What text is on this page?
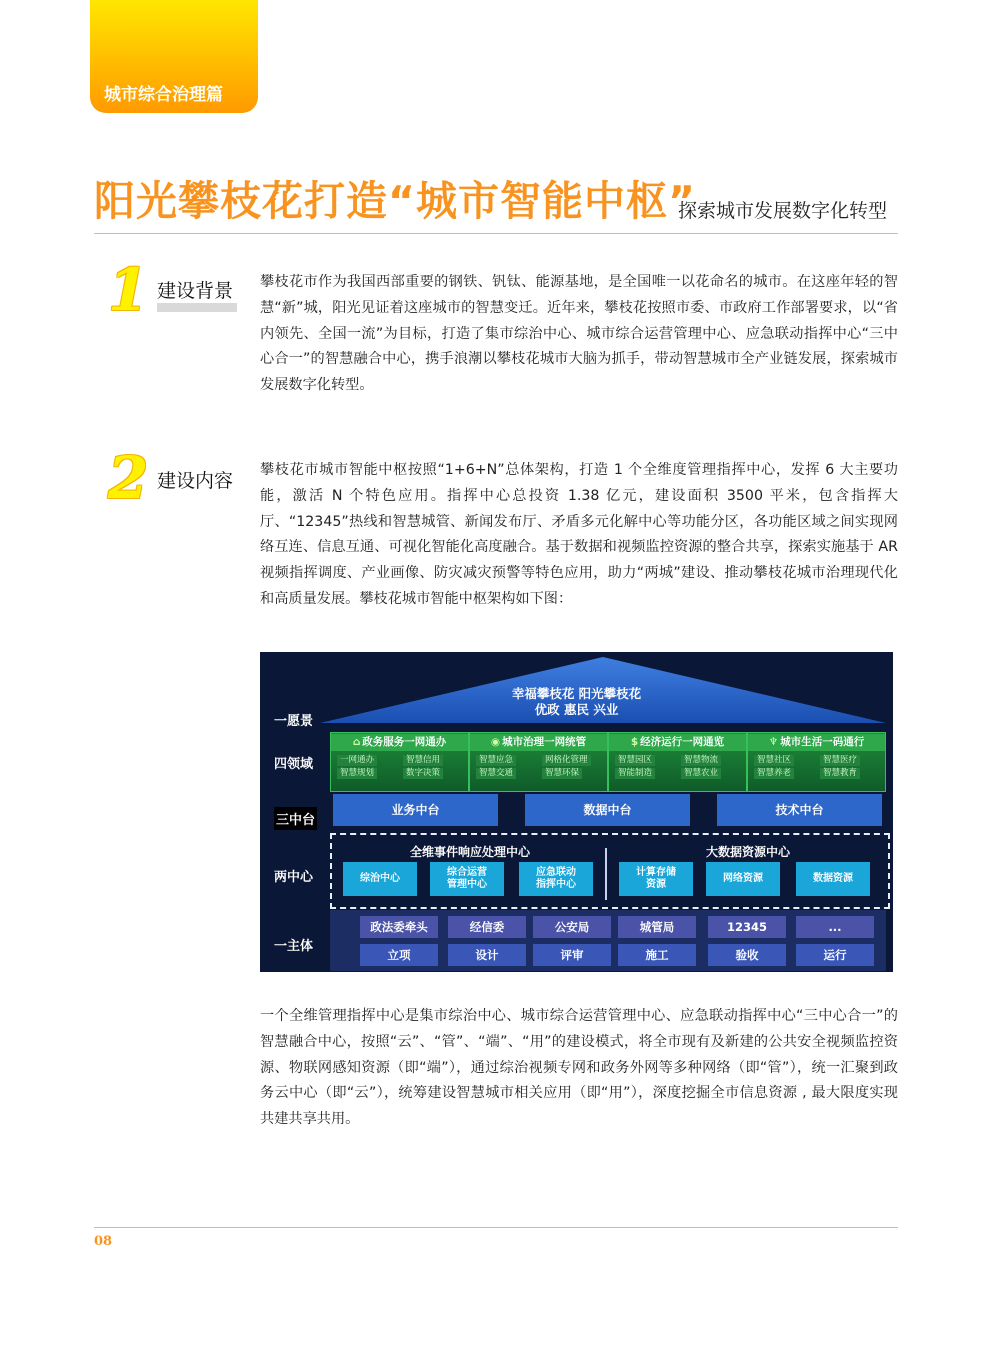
城市综合治理篇
阳光攀枝花打造“城市智能中枢”
探索城市发展数字化转型
1 建设背景 攀枝花市作为我国西部重要的钢铁、钒钛、能源基地，是全国唯一以花命名的城市。在这座年轻的智慧“新”城，阳光见证着这座城市的智慧变迁。近年来，攀枝花按照市委、市政府工作部署要求，以“省内领先、全国一流”为目标，打造了集市综治中心、城市综合运营管理中心、应急联动指挥中心“三中心合一”的智慧融合中心，携手浪潮以攀枝花城市大脑为抓手，带动智慧城市全产业链发展，探索城市发展数字化转型。
2 建设内容 攀枝花市城市智能中枢按照“1+6+N”总体架构，打造 1 个全维度管理指挥中心，发挥 6 大主要功能，激活 N 个特色应用。指挥中心总投资 1.38 亿元，建设面积 3500 平米，包含指挥大厅、“12345”热线和智慧城管、新闻发布厅、矛盾多元化解中心等功能分区，各功能区域之间实现网络互连、信息互通、可视化智能化高度融合。基于数据和视频监控资源的整合共享，探索实施基于 AR 视频指挥调度、产业画像、防灾减灾预警等特色应用，助力“两城”建设、推动攀枝花城市治理现代化和高质量发展。攀枝花城市智能中枢架构如下图：
幸福攀枝花 阳光攀枝花
优政 惠民 兴业
一愿景
四领域
三中台
两中心
一主体
⌂ 政务服务一网通办
一网通办	智慧信用
智慧规划	数字决策
◉ 城市治理一网统管
智慧应急	网格化管理
智慧交通	智慧环保
$ 经济运行一网通览
智慧园区	智慧物流
智能制造	智慧农业
♆ 城市生活一码通行
智慧社区	智慧医疗
智慧养老	智慧教育
业务中台	数据中台	技术中台
全维事件响应处理中心	大数据资源中心
综治中心
综合运营
管理中心
应急联动
指挥中心
计算存储
资源
网络资源	数据资源
政法委牵头	经信委	公安局	城管局	12345	...
立项	设计	评审	施工	验收	运行
一个全维管理指挥中心是集市综治中心、城市综合运营管理中心、应急联动指挥中心“三中心合一”的智慧融合中心，按照“云”、“管”、“端”、“用”的建设模式，将全市现有及新建的公共安全视频监控资源、物联网感知资源（即“端”），通过综治视频专网和政务外网等多种网络（即“管”），统一汇聚到政务云中心（即“云”），统筹建设智慧城市相关应用（即“用”），深度挖掘全市信息资源 , 最大限度实现共建共享共用。
08
